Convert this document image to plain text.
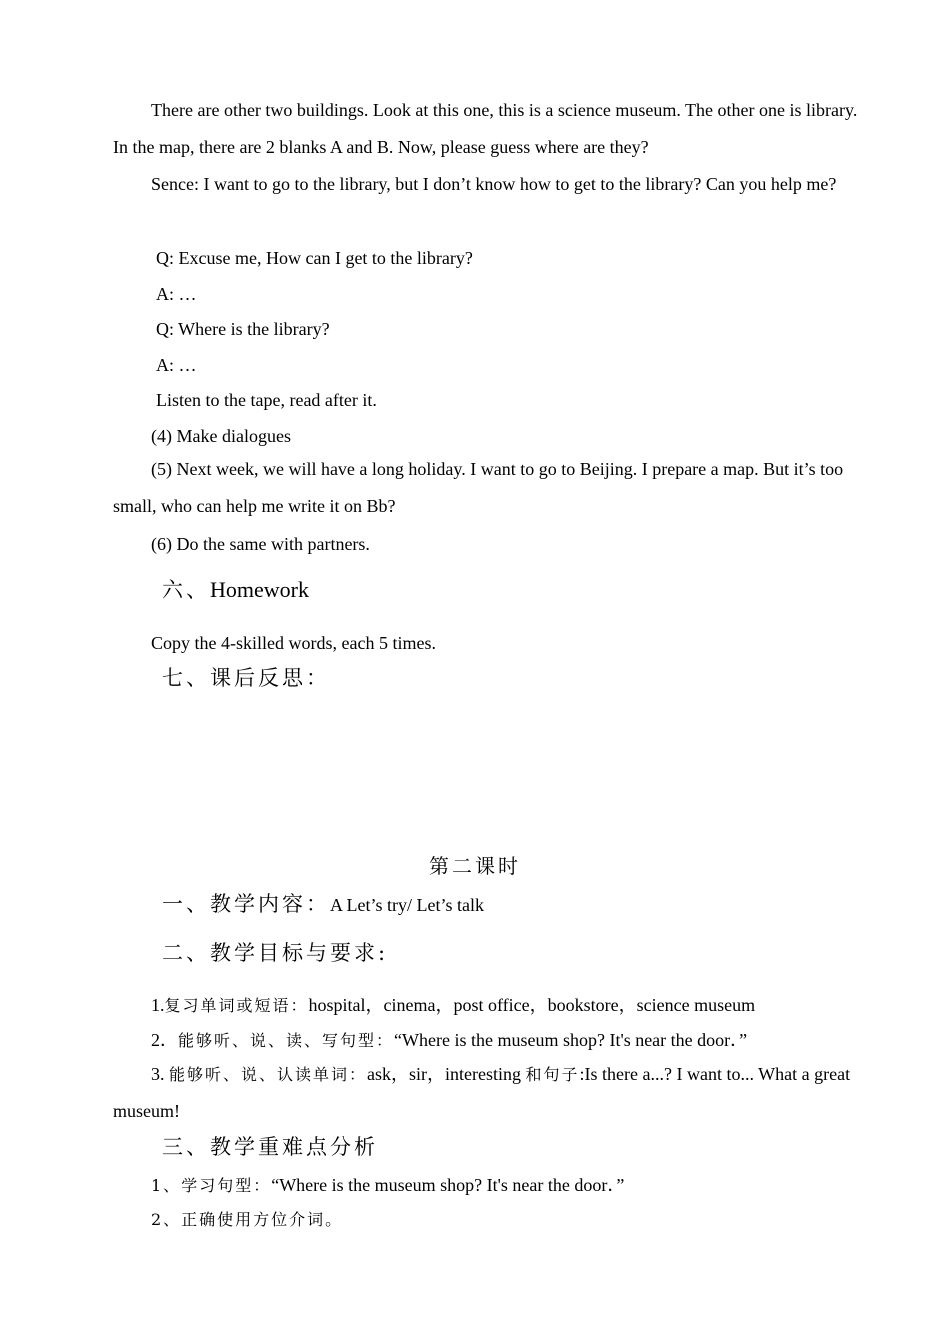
There are other two buildings. Look at this one, this is a science museum. The other one is library. In the map, there are 2 blanks A and B. Now, please guess where are they?
Sence: I want to go to the library, but I don’t know how to get to the library? Can you help me?
Q: Excuse me, How can I get to the library?
A: …
Q: Where is the library?
A: …
Listen to the tape, read after it.
(4) Make dialogues
(5) Next week, we will have a long holiday. I want to go to Beijing. I prepare a map. But it’s too small, who can help me write it on Bb?
(6) Do the same with partners.
六、Homework
Copy the 4-skilled words, each 5 times.
七、课后反思：
第二课时
一、教学内容：A Let’s try/ Let’s talk
二、教学目标与要求:
1.复习单词或短语：hospital，cinema，post office，bookstore，science museum
2．能够听、说、读、写句型：“Where is the museum shop? It's near the door．”
3. 能够听、说、认读单词：ask，sir，interesting 和句子:Is there a...? I want to... What a great museum!
三、教学重难点分析
1、学习句型：“Where is the museum shop? It's near the door．”
2、正确使用方位介词。
